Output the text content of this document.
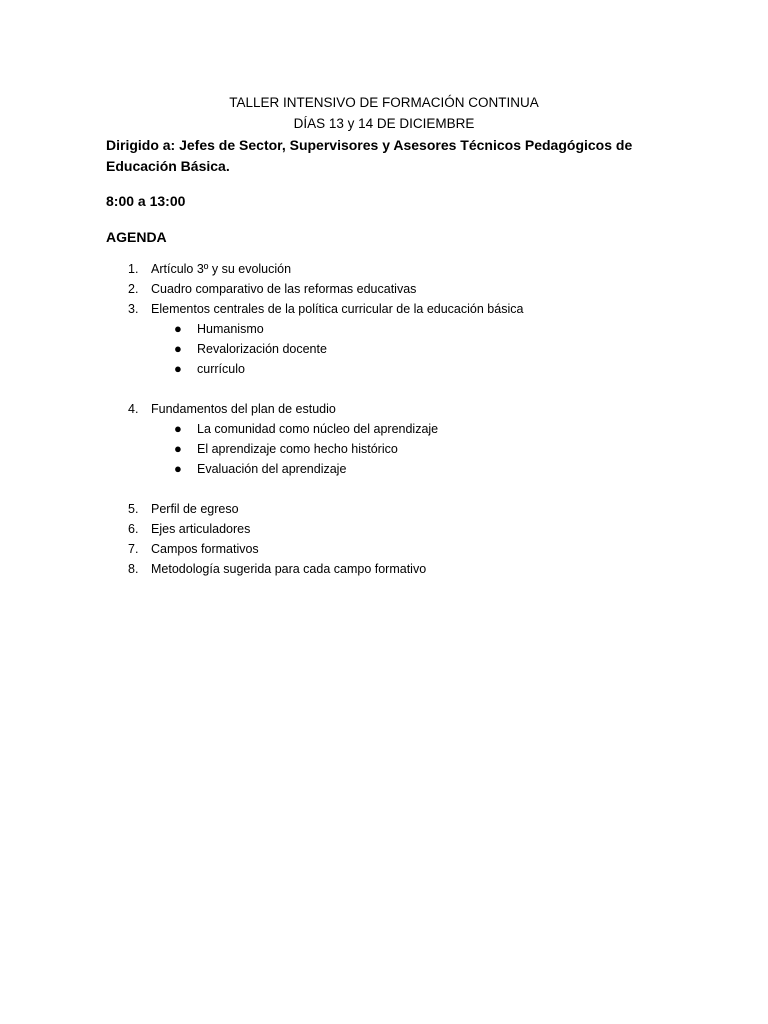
TALLER INTENSIVO DE FORMACIÓN CONTINUA
DÍAS 13 y 14 DE DICIEMBRE
Dirigido a: Jefes de Sector, Supervisores y Asesores Técnicos Pedagógicos de Educación Básica.
8:00 a 13:00
AGENDA
1.	Artículo 3º y su evolución
2.	Cuadro comparativo de las reformas educativas
3.	Elementos centrales de la política curricular de la educación básica
● Humanismo
● Revalorización docente
● currículo
4.	Fundamentos del plan de estudio
● La comunidad como núcleo del aprendizaje
● El aprendizaje como hecho histórico
● Evaluación del aprendizaje
5.	Perfil de egreso
6.	Ejes articuladores
7.	Campos formativos
8.	Metodología sugerida para cada campo formativo
